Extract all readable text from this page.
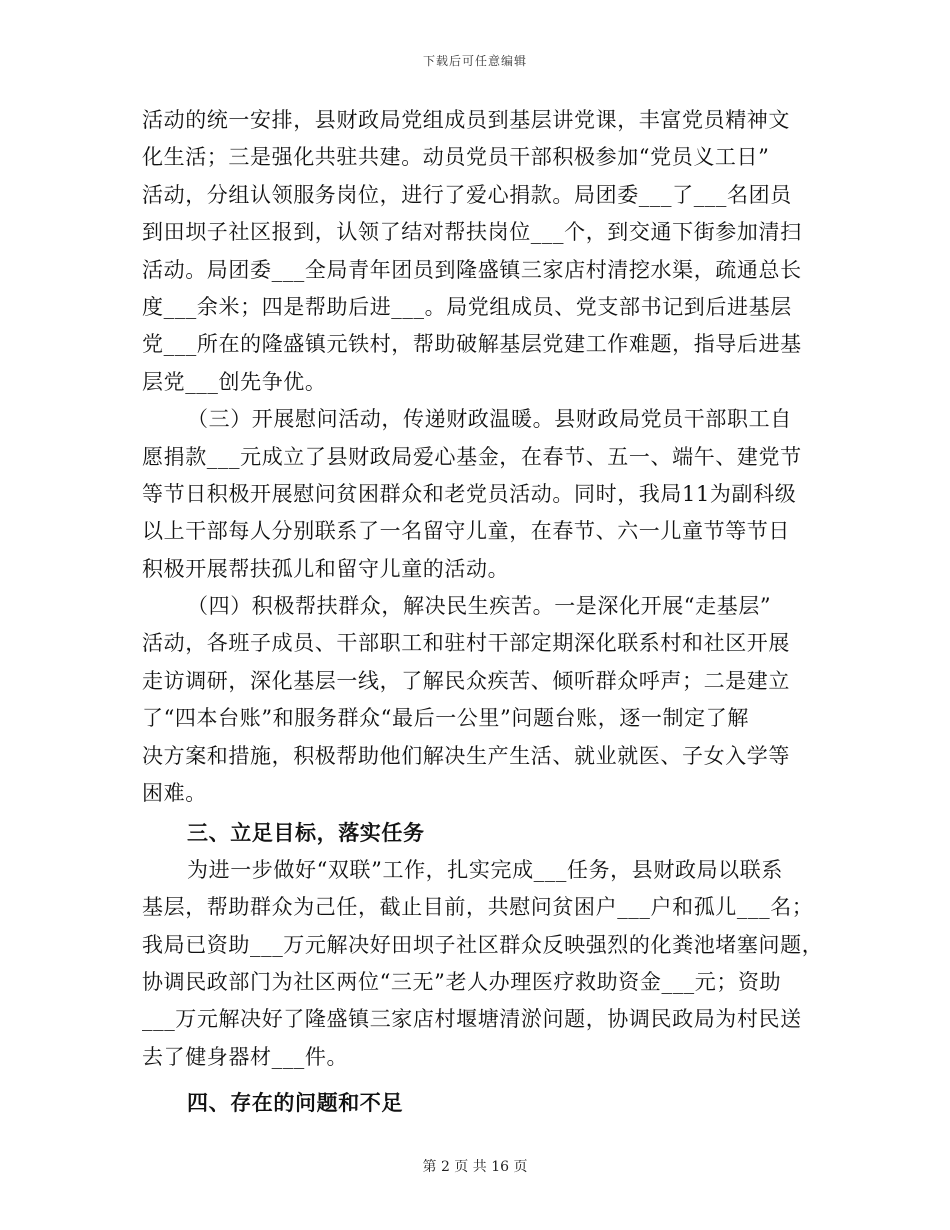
下载后可任意编辑
活动的统一安排，县财政局党组成员到基层讲党课，丰富党员精神文
化生活；三是强化共驻共建。动员党员干部积极参加“党员义工日”
活动，分组认领服务岗位，进行了爱心捐款。局团委___了___名团员
到田坝子社区报到，认领了结对帮扶岗位___个，到交通下街参加清扫
活动。局团委___全局青年团员到隆盛镇三家店村清挖水渠，疏通总长
度___余米；四是帮助后进___。局党组成员、党支部书记到后进基层
党___所在的隆盛镇元铁村，帮助破解基层党建工作难题，指导后进基
层党___创先争优。
（三）开展慰问活动，传递财政温暖。县财政局党员干部职工自
愿捐款___元成立了县财政局爱心基金，在春节、五一、端午、建党节
等节日积极开展慰问贫困群众和老党员活动。同时，我局11为副科级
以上干部每人分别联系了一名留守儿童，在春节、六一儿童节等节日
积极开展帮扶孤儿和留守儿童的活动。
（四）积极帮扶群众，解决民生疾苦。一是深化开展“走基层”
活动，各班子成员、干部职工和驻村干部定期深化联系村和社区开展
走访调研，深化基层一线，了解民众疾苦、倾听群众呼声；二是建立
了“四本台账”和服务群众“最后一公里”问题台账，逐一制定了解
决方案和措施，积极帮助他们解决生产生活、就业就医、子女入学等
困难。
三、立足目标，落实任务
为进一步做好“双联”工作，扎实完成___任务，县财政局以联系
基层，帮助群众为己任，截止目前，共慰问贫困户___户和孤儿___名；
我局已资助___万元解决好田坝子社区群众反映强烈的化粪池堵塞问题，
协调民政部门为社区两位“三无”老人办理医疗救助资金___元；资助
___万元解决好了隆盛镇三家店村堰塘清淤问题，协调民政局为村民送
去了健身器材___件。
四、存在的问题和不足
第 2 页 共 16 页
